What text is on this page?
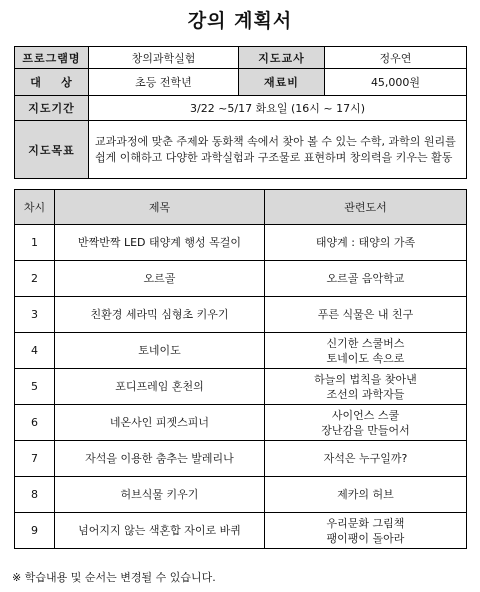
강의 계획서
프로그램명	창의과학실험	지도교사	정우연
대    상	초등 전학년	재료비	45,000원
지도기간	3/22 ~5/17 화요일 (16시 ~ 17시)		
지도목표	교과과정에 맞춘 주제와 동화책 속에서 찾아 볼 수 있는 수학, 과학의 원리를 쉽게 이해하고 다양한 과학실험과 구조물로 표현하며 창의력을 키우는 활동		
차시	제목	관련도서
1	반짝반짝 LED 태양계 행성 목걸이	태양계 : 태양의 가족

2	오르골	오르골 음악학교

3	친환경 세라믹 심형초 키우기	푸른 식물은 내 친구

4	토네이도	신기한 스쿨버스
토네이도 속으로

5	포디프레임 혼천의	하늘의 법칙을 찾아낸
조선의 과학자들

6	네온사인 피젯스피너	사이언스 스쿨
장난감을 만들어서

7	자석을 이용한 춤추는 발레리나	자석은 누구일까?

8	허브식물 키우기	제카의 허브

9	넘어지지 않는 색혼합 자이로 바퀴	우리문화 그림책
팽이팽이 돌아라
※ 학습내용 및 순서는 변경될 수 있습니다.
